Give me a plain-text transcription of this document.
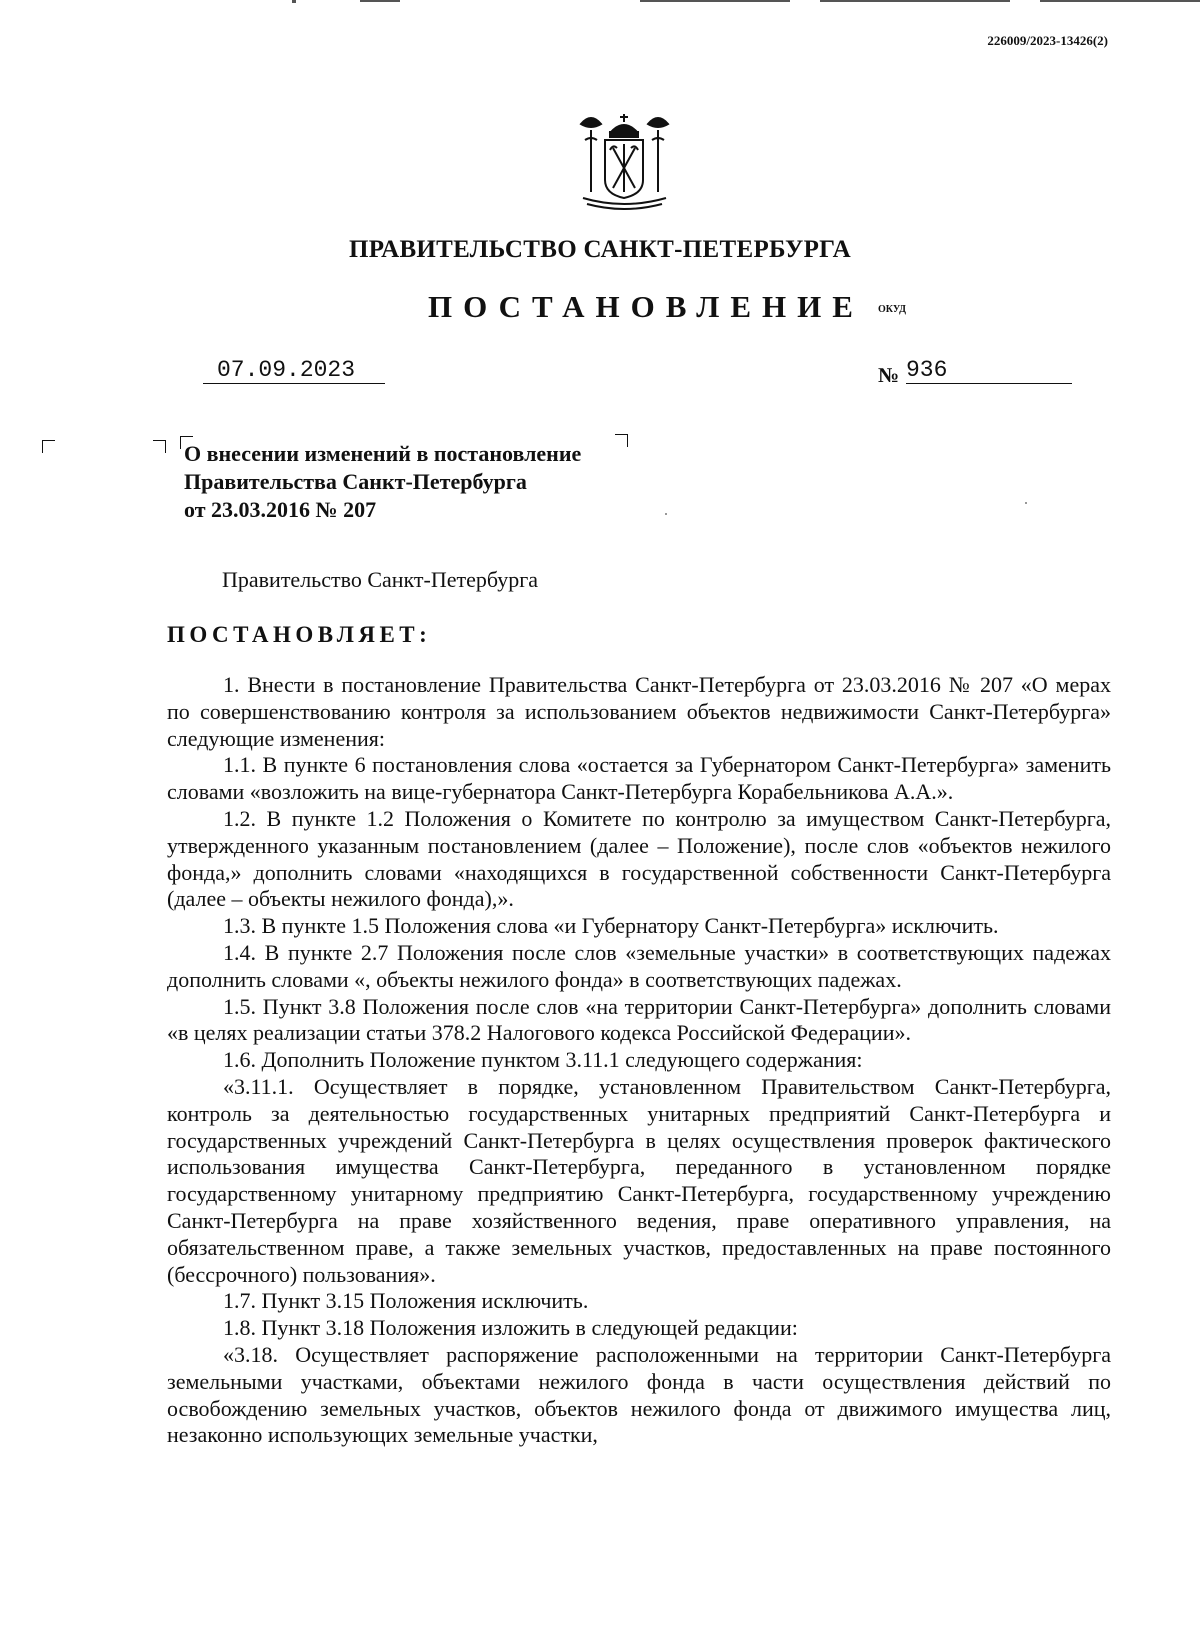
226009/2023-13426(2)
ПРАВИТЕЛЬСТВО САНКТ-ПЕТЕРБУРГА
ПОСТАНОВЛЕНИЕ ОКУД
07.09.2023	№ 936
О внесении изменений в постановление
Правительства Санкт-Петербурга
от 23.03.2016 № 207
Правительство Санкт-Петербурга
ПОСТАНОВЛЯЕТ:

1. Внести в постановление Правительства Санкт-Петербурга от 23.03.2016 № 207 «О мерах по совершенствованию контроля за использованием объектов недвижимости Санкт-Петербурга» следующие изменения:

1.1. В пункте 6 постановления слова «остается за Губернатором Санкт-Петербурга» заменить словами «возложить на вице-губернатора Санкт-Петербурга Корабельникова А.А.».

1.2. В пункте 1.2 Положения о Комитете по контролю за имуществом Санкт-Петербурга, утвержденного указанным постановлением (далее – Положение), после слов «объектов нежилого фонда,» дополнить словами «находящихся в государственной собственности Санкт-Петербурга (далее – объекты нежилого фонда),».

1.3. В пункте 1.5 Положения слова «и Губернатору Санкт-Петербурга» исключить.

1.4. В пункте 2.7 Положения после слов «земельные участки» в соответствующих падежах дополнить словами «, объекты нежилого фонда» в соответствующих падежах.

1.5. Пункт 3.8 Положения после слов «на территории Санкт-Петербурга» дополнить словами «в целях реализации статьи 378.2 Налогового кодекса Российской Федерации».

1.6. Дополнить Положение пунктом 3.11.1 следующего содержания:

«3.11.1. Осуществляет в порядке, установленном Правительством Санкт-Петербурга, контроль за деятельностью государственных унитарных предприятий Санкт-Петербурга и государственных учреждений Санкт-Петербурга в целях осуществления проверок фактического использования имущества Санкт-Петербурга, переданного в установленном порядке государственному унитарному предприятию Санкт-Петербурга, государственному учреждению Санкт-Петербурга на праве хозяйственного ведения, праве оперативного управления, на обязательственном праве, а также земельных участков, предоставленных на праве постоянного (бессрочного) пользования».

1.7. Пункт 3.15 Положения исключить.

1.8. Пункт 3.18 Положения изложить в следующей редакции:

«3.18. Осуществляет распоряжение расположенными на территории Санкт-Петербурга земельными участками, объектами нежилого фонда в части осуществления действий по освобождению земельных участков, объектов нежилого фонда от движимого имущества лиц, незаконно использующих земельные участки,
